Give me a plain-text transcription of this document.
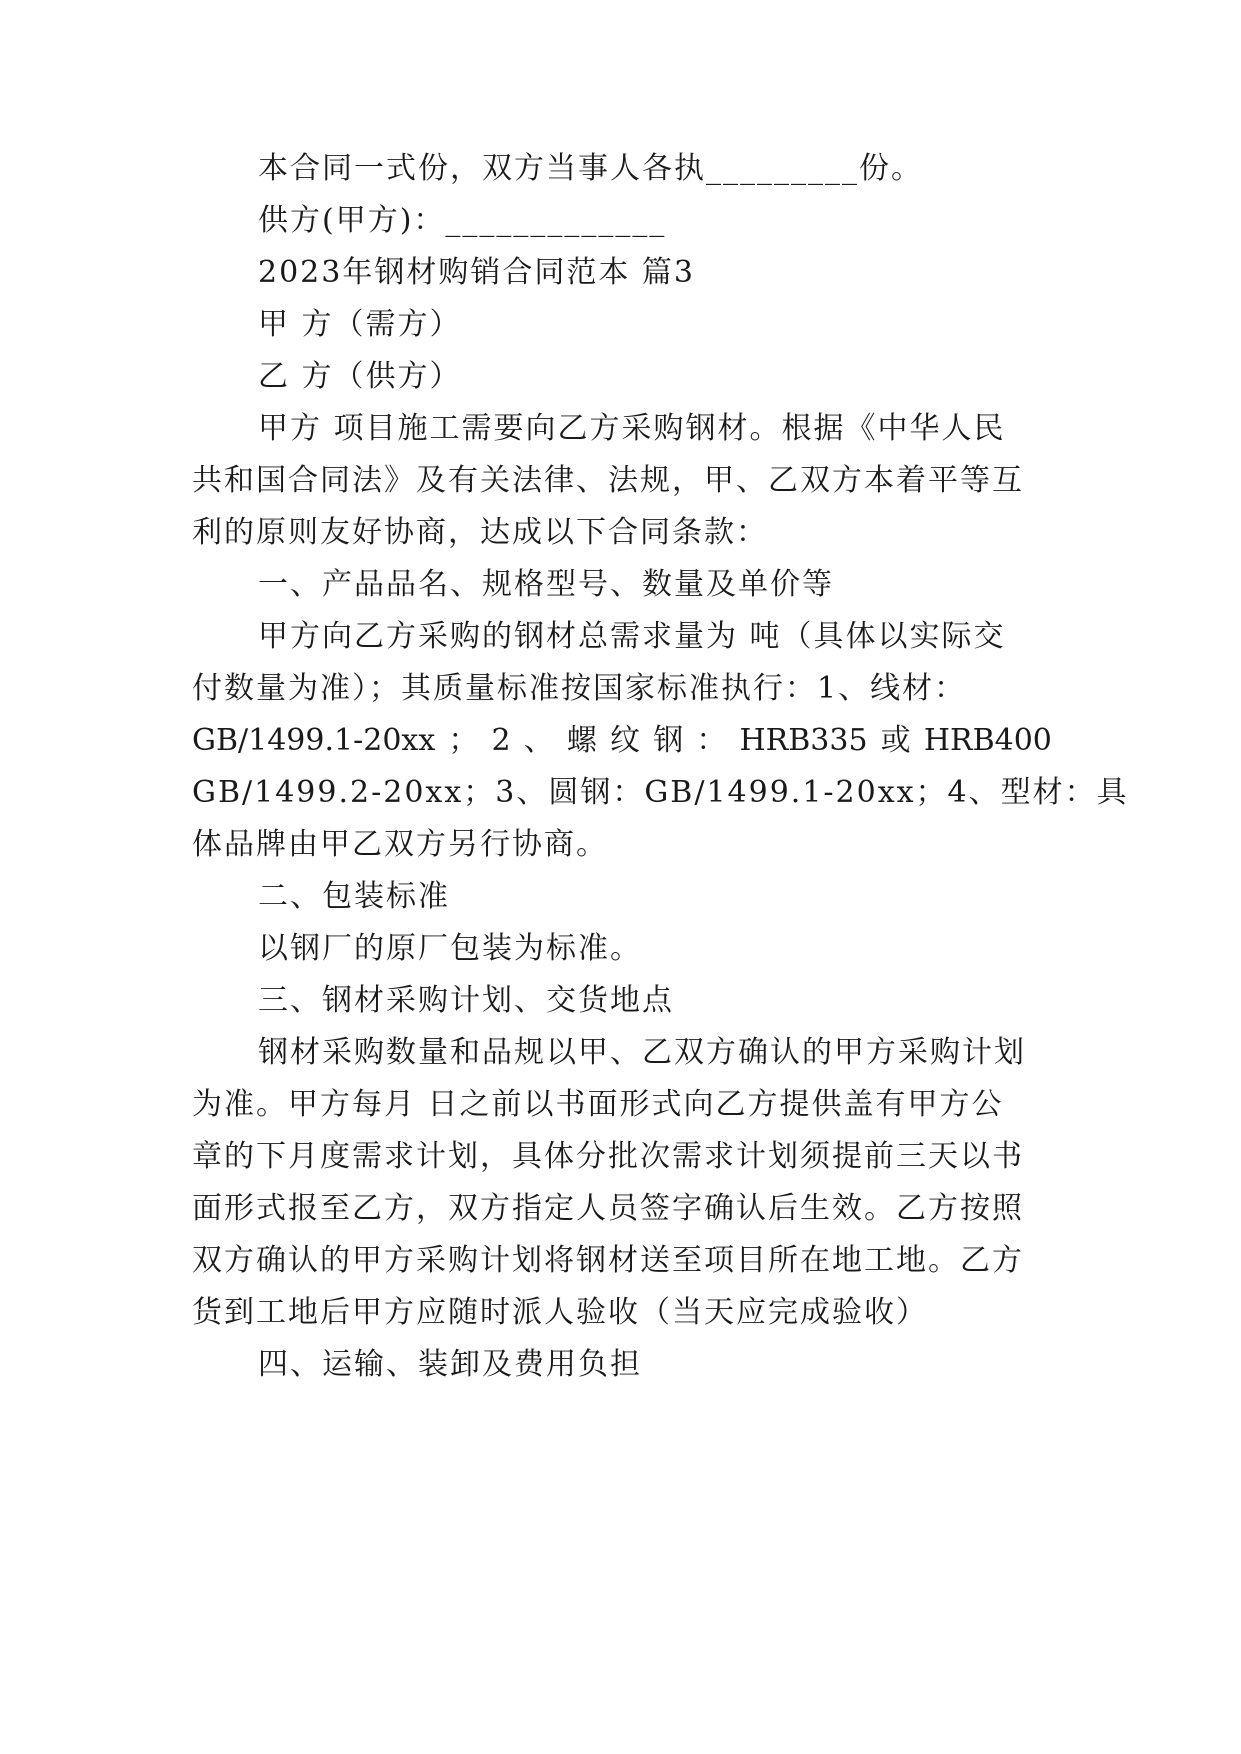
本合同一式份，双方当事人各执_________份。
供方(甲方)：_____________
2023年钢材购销合同范本 篇3
甲 方（需方）
乙 方（供方）
甲方 项目施工需要向乙方采购钢材。根据《中华人民
共和国合同法》及有关法律、法规，甲、乙双方本着平等互
利的原则友好协商，达成以下合同条款：
一、产品品名、规格型号、数量及单价等
甲方向乙方采购的钢材总需求量为 吨（具体以实际交
付数量为准）；其质量标准按国家标准执行：1、线材：
GB/1499.1-20xx ； 2 、 螺 纹 钢 ： HRB335 或 HRB400
GB/1499.2-20xx；3、圆钢：GB/1499.1-20xx；4、型材：具
体品牌由甲乙双方另行协商。
二、包装标准
以钢厂的原厂包装为标准。
三、钢材采购计划、交货地点
钢材采购数量和品规以甲、乙双方确认的甲方采购计划
为准。甲方每月 日之前以书面形式向乙方提供盖有甲方公
章的下月度需求计划，具体分批次需求计划须提前三天以书
面形式报至乙方，双方指定人员签字确认后生效。乙方按照
双方确认的甲方采购计划将钢材送至项目所在地工地。乙方
货到工地后甲方应随时派人验收（当天应完成验收）
四、运输、装卸及费用负担
